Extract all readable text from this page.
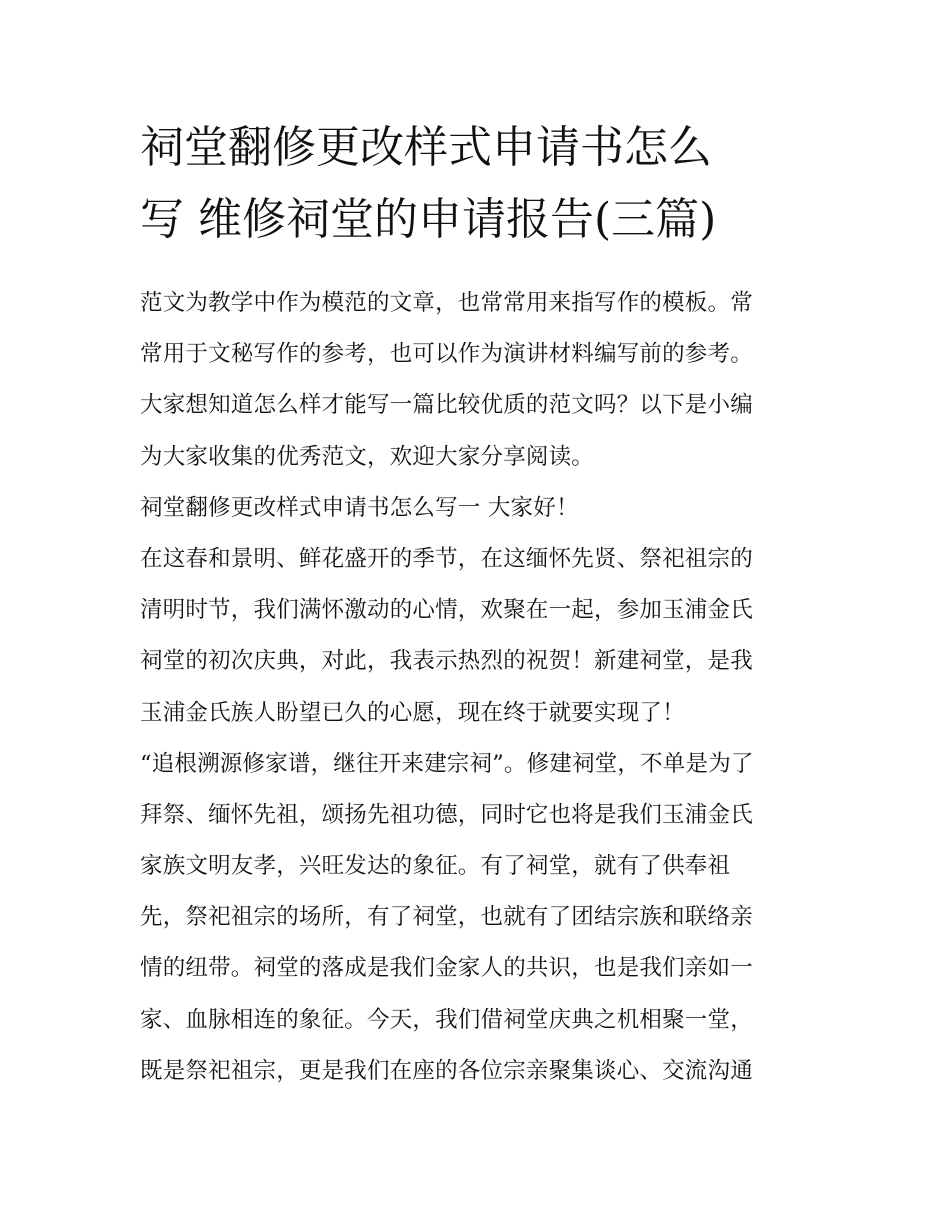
祠堂翻修更改样式申请书怎么
写 维修祠堂的申请报告(三篇)
范文为教学中作为模范的文章，也常常用来指写作的模板。常
常用于文秘写作的参考，也可以作为演讲材料编写前的参考。
大家想知道怎么样才能写一篇比较优质的范文吗？以下是小编
为大家收集的优秀范文，欢迎大家分享阅读。
祠堂翻修更改样式申请书怎么写一 大家好！
在这春和景明、鲜花盛开的季节，在这缅怀先贤、祭祀祖宗的
清明时节，我们满怀激动的心情，欢聚在一起，参加玉浦金氏
祠堂的初次庆典，对此，我表示热烈的祝贺！新建祠堂，是我
玉浦金氏族人盼望已久的心愿，现在终于就要实现了！
“追根溯源修家谱，继往开来建宗祠”。修建祠堂，不单是为了
拜祭、缅怀先祖，颂扬先祖功德，同时它也将是我们玉浦金氏
家族文明友孝，兴旺发达的象征。有了祠堂，就有了供奉祖
先，祭祀祖宗的场所，有了祠堂，也就有了团结宗族和联络亲
情的纽带。祠堂的落成是我们金家人的共识，也是我们亲如一
家、血脉相连的象征。今天，我们借祠堂庆典之机相聚一堂，
既是祭祀祖宗，更是我们在座的各位宗亲聚集谈心、交流沟通
